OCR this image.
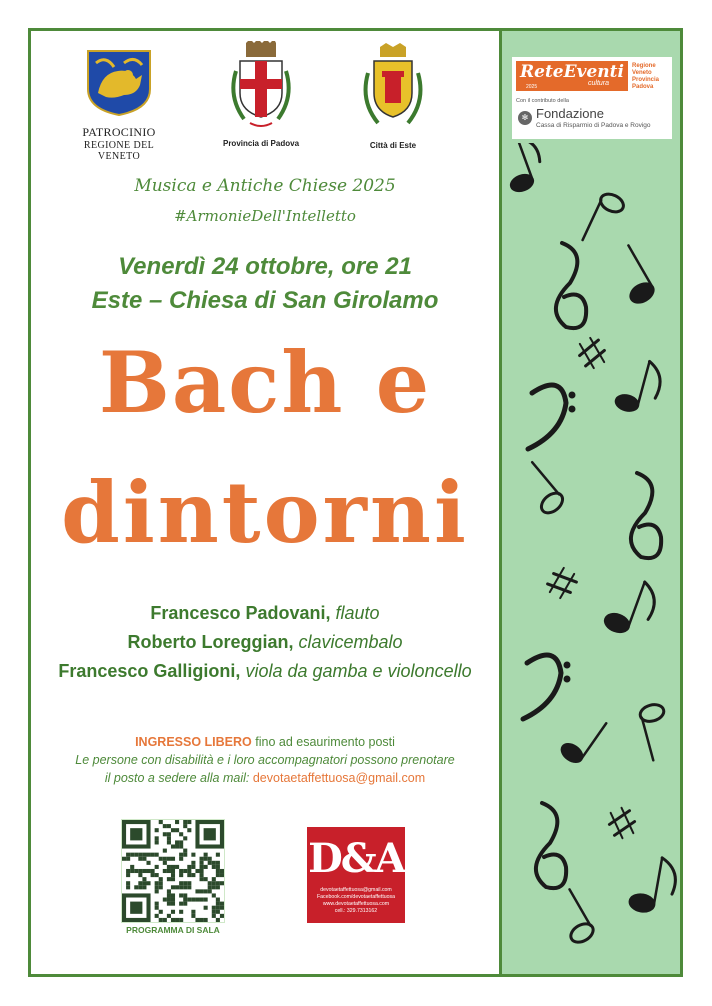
PATROCINIO
REGIONE DEL VENETO
Provincia di Padova	Città di Este
Musica e Antiche Chiese 2025
#ArmonieDell'Intelletto
Venerdì 24 ottobre, ore 21
Este – Chiesa di San Girolamo
Bach e
dintorni
Francesco Padovani, flauto
Roberto Loreggian, clavicembalo
Francesco Galligioni, viola da gamba e violoncello
INGRESSO LIBERO fino ad esaurimento posti
Le persone con disabilità e i loro accompagnatori possono prenotare
il posto a sedere alla mail: devotaetaffettuosa@gmail.com
PROGRAMMA DI SALA
D&A
devotaetaffettuosa@gmail.com
Facebook.com/devotaetaffettuosa
www.devotaetaffettuosa.com
cell.: 329.7313162
ReteEventi
cultura
2025
Regione Veneto Provincia Padova
Con il contributo della
✻ Fondazione
Cassa di Risparmio di Padova e Rovigo
